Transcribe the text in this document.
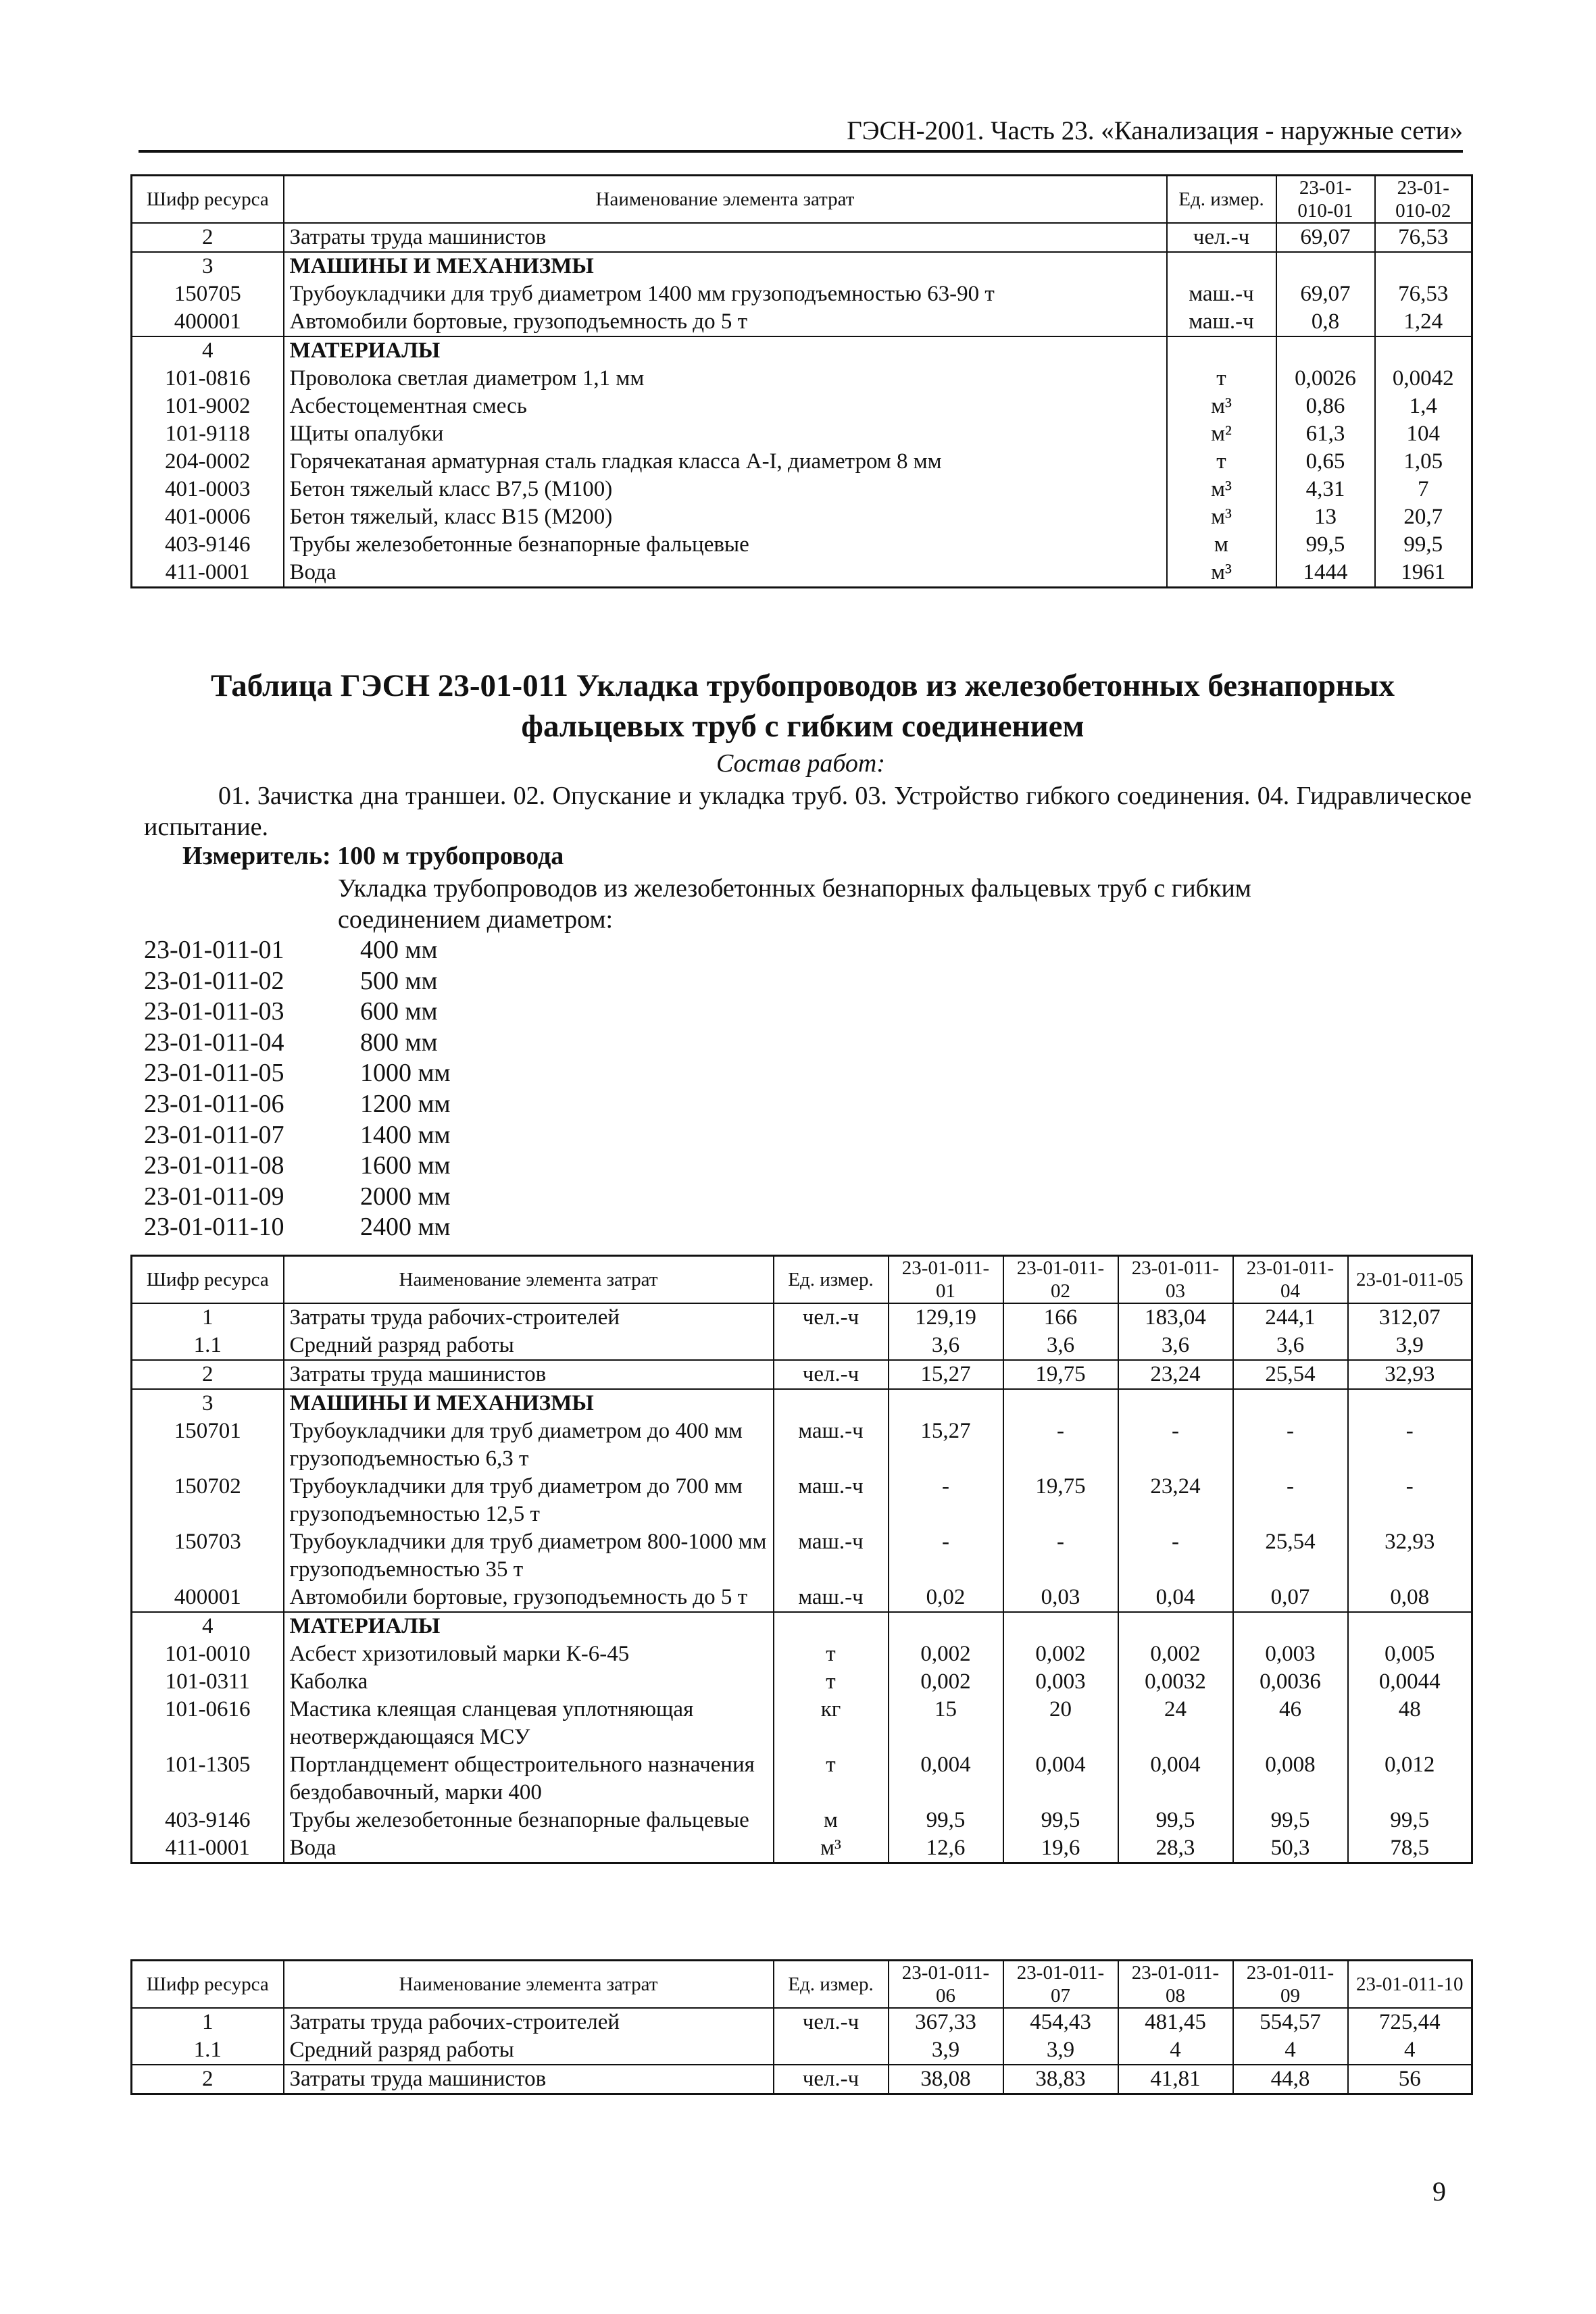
ГЭСН-2001. Часть 23. «Канализация - наружные сети»
Шифр ресурса	Наименование элемента затрат	Ед. измер.	23-01-010-01	23-01-010-02
2	Затраты труда машинистов	чел.-ч	69,07	76,53
3	МАШИНЫ И МЕХАНИЗМЫ			
150705	Трубоукладчики для труб диаметром 1400 мм грузоподъемностью 63-90 т	маш.-ч	69,07	76,53
400001	Автомобили бортовые, грузоподъемность до 5 т	маш.-ч	0,8	1,24
4	МАТЕРИАЛЫ			
101-0816	Проволока светлая диаметром 1,1 мм	т	0,0026	0,0042
101-9002	Асбестоцементная смесь	м³	0,86	1,4
101-9118	Щиты опалубки	м²	61,3	104
204-0002	Горячекатаная арматурная сталь гладкая класса А-I, диаметром 8 мм	т	0,65	1,05
401-0003	Бетон тяжелый класс В7,5 (М100)	м³	4,31	7
401-0006	Бетон тяжелый, класс В15 (М200)	м³	13	20,7
403-9146	Трубы железобетонные безнапорные фальцевые	м	99,5	99,5
411-0001	Вода	м³	1444	1961
Таблица ГЭСН 23-01-011 Укладка трубопроводов из железобетонных безнапорных
фальцевых труб с гибким соединением
Состав работ:
01. Зачистка дна траншеи. 02. Опускание и укладка труб. 03. Устройство гибкого соединения. 04. Гидравлическое испытание.
Измеритель: 100 м трубопровода
Укладка трубопроводов из железобетонных безнапорных фальцевых труб с гибким соединением диаметром:
23-01-011-01	400 мм
23-01-011-02	500 мм
23-01-011-03	600 мм
23-01-011-04	800 мм
23-01-011-05	1000 мм
23-01-011-06	1200 мм
23-01-011-07	1400 мм
23-01-011-08	1600 мм
23-01-011-09	2000 мм
23-01-011-10	2400 мм
Шифр ресурса	Наименование элемента затрат	Ед. измер.	23-01-011-01	23-01-011-02	23-01-011-03	23-01-011-04	23-01-011-05
1	Затраты труда рабочих-строителей	чел.-ч	129,19	166	183,04	244,1	312,07
1.1	Средний разряд работы		3,6	3,6	3,6	3,6	3,9
2	Затраты труда машинистов	чел.-ч	15,27	19,75	23,24	25,54	32,93
3	МАШИНЫ И МЕХАНИЗМЫ						
150701	Трубоукладчики для труб диаметром до 400 мм грузоподъемностью 6,3 т	маш.-ч	15,27	-	-	-	-
150702	Трубоукладчики для труб диаметром до 700 мм грузоподъемностью 12,5 т	маш.-ч	-	19,75	23,24	-	-
150703	Трубоукладчики для труб диаметром 800-1000 мм грузоподъемностью 35 т	маш.-ч	-	-	-	25,54	32,93
400001	Автомобили бортовые, грузоподъемность до 5 т	маш.-ч	0,02	0,03	0,04	0,07	0,08
4	МАТЕРИАЛЫ						
101-0010	Асбест хризотиловый марки К-6-45	т	0,002	0,002	0,002	0,003	0,005
101-0311	Каболка	т	0,002	0,003	0,0032	0,0036	0,0044
101-0616	Мастика клеящая сланцевая уплотняющая неотверждающаяся МСУ	кг	15	20	24	46	48
101-1305	Портландцемент общестроительного назначения бездобавочный, марки 400	т	0,004	0,004	0,004	0,008	0,012
403-9146	Трубы железобетонные безнапорные фальцевые	м	99,5	99,5	99,5	99,5	99,5
411-0001	Вода	м³	12,6	19,6	28,3	50,3	78,5
Шифр ресурса	Наименование элемента затрат	Ед. измер.	23-01-011-06	23-01-011-07	23-01-011-08	23-01-011-09	23-01-011-10
1	Затраты труда рабочих-строителей	чел.-ч	367,33	454,43	481,45	554,57	725,44
1.1	Средний разряд работы		3,9	3,9	4	4	4
2	Затраты труда машинистов	чел.-ч	38,08	38,83	41,81	44,8	56
9
